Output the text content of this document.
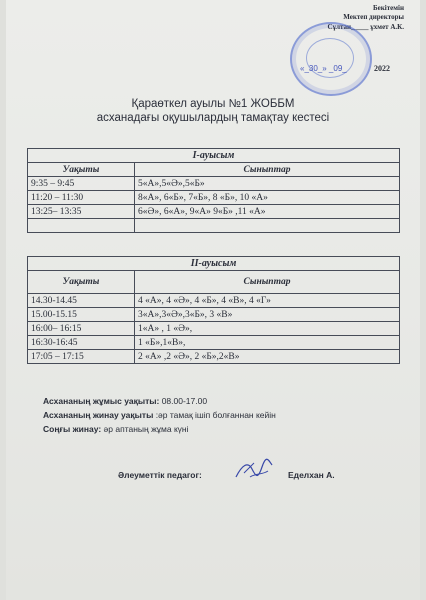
Бекітемін
Мектеп директоры
Сұлтан_____ ұхмет А.К.
«_30_» _09_	2022
Қараөткел ауылы №1 ЖОББМ
асханадағы оқушылардың тамақтау кестесі
I-ауысым	
Уақыты	Сыныптар
9:35 – 9:45	5«А»,5«Ә»,5«Б»
11:20 – 11:30	8«А», 6«Б», 7«Б», 8 «Б», 10 «А»
13:25– 13:35	6«Ә», 6«А», 9«А» 9«Б» ,11 «А»

II-ауысым	
Уақыты	Сыныптар
14.30-14.45	4 «А», 4 «Ә», 4 «Б», 4 «В», 4 «Г»
15.00-15.15	3«А»,3«Ә»,3«Б», 3 «В»
16:00– 16:15	1«А» , 1 «Ә»,
16:30-16:45	1 «Б»,1«В»,
17:05 – 17:15	2 «А» ,2 «Ә», 2 «Б»,2«В»
Асхананың жұмыс уақыты: 08.00-17.00
Асхананың жинау уақыты :әр тамақ ішіп болғаннан кейін
Соңғы жинау: әр аптаның жұма күні
Әлеуметтік педагог:	Еделхан А.
